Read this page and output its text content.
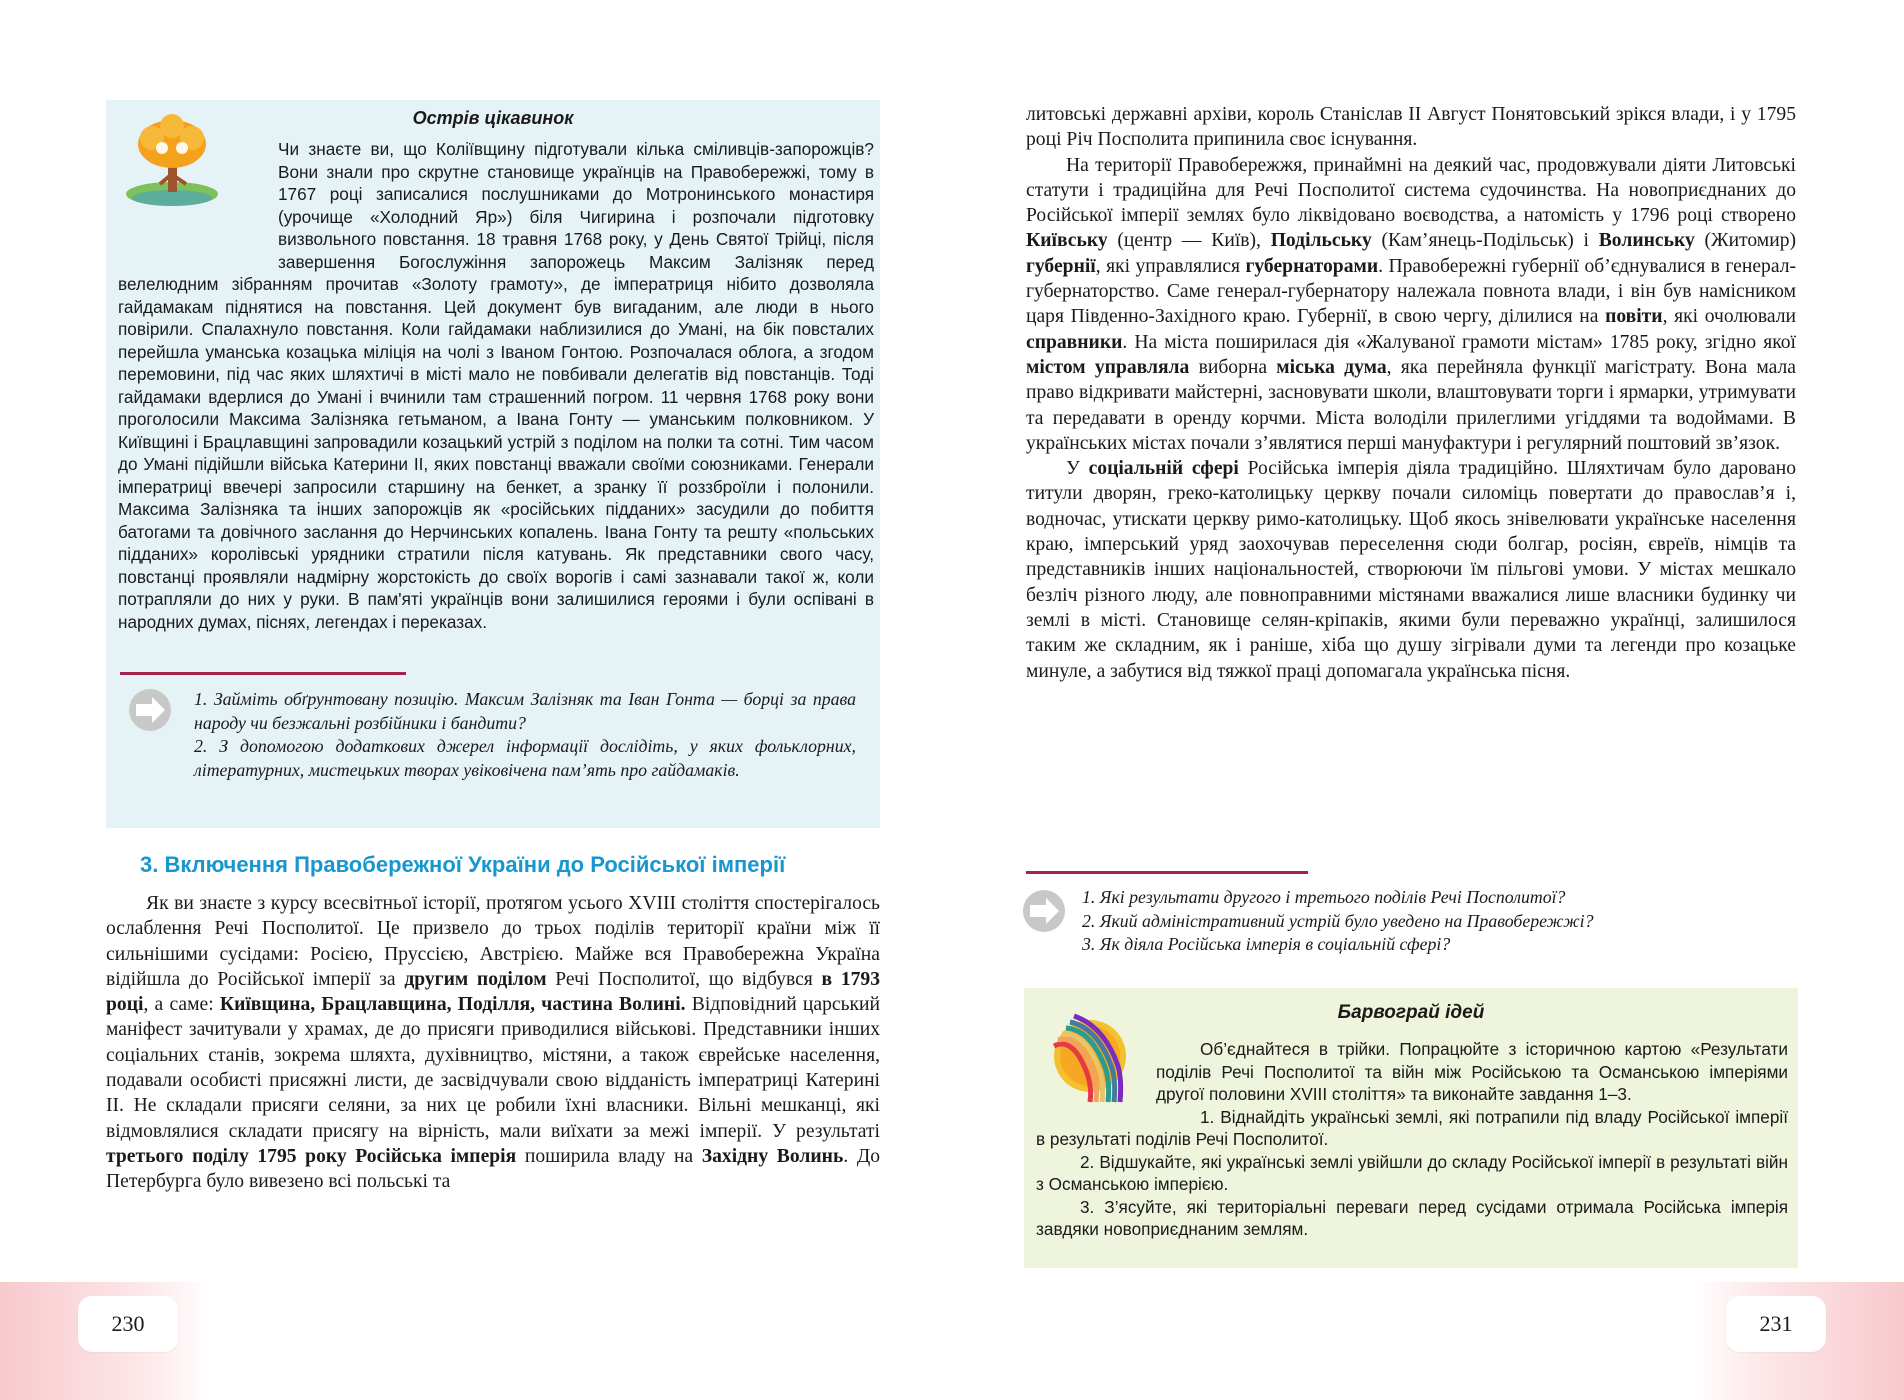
Острів цікавинок

Чи знаєте ви, що Коліївщину підготували кілька сміливців-запорожців? Вони знали про скрутне становище українців на Правобережжі, тому в 1767 році записалися послушниками до Мотронинського монастиря (урочище «Холодний Яр») біля Чигирина і розпочали підготовку визвольного повстання. 18 травня 1768 року, у День Святої Трійці, після завершення Богослужіння запорожець Максим Залізняк перед велелюдним зібранням прочитав «Золоту грамоту», де імператриця нібито дозволяла гайдамакам піднятися на повстання. Цей документ був вигаданим, але люди в нього повірили. Спалахнуло повстання. Коли гайдамаки наблизилися до Умані, на бік повсталих перейшла уманська козацька міліція на чолі з Іваном Гонтою. Розпочалася облога, а згодом перемовини, під час яких шляхтичі в місті мало не повбивали делегатів від повстанців. Тоді гайдамаки вдерлися до Умані і вчинили там страшенний погром. 11 червня 1768 року вони проголосили Максима Залізняка гетьманом, а Івана Гонту — уманським полковником. У Київщині і Брацлавщині запровадили козацький устрій з поділом на полки та сотні. Тим часом до Умані підійшли війська Катерини II, яких повстанці вважали своїми союзниками. Генерали імператриці ввечері запросили старшину на бенкет, а зранку її роззброїли і полонили. Максима Залізняка та інших запорожців як «російських підданих» засудили до побиття батогами та довічного заслання до Нерчинських копалень. Івана Гонту та решту «польських підданих» королівські урядники стратили після катувань. Як представники свого часу, повстанці проявляли надмірну жорстокість до своїх ворогів і самі зазнавали такої ж, коли потрапляли до них у руки. В пам'яті українців вони залишилися героями і були оспівані в народних думах, піснях, легендах і переказах.

1. Займіть обґрунтовану позицію. Максим Залізняк та Іван Гонта — борці за права народу чи безжальні розбійники і бандити?
2. З допомогою додаткових джерел інформації дослідіть, у яких фольклорних, літературних, мистецьких творах увіковічена пам’ять про гайдамаків.
3. Включення Правобережної України до Російської імперії

Як ви знаєте з курсу всесвітньої історії, протягом усього XVIII століття спостерігалось ослаблення Речі Посполитої. Це призвело до трьох поділів території країни між її сильнішими сусідами: Росією, Пруссією, Австрією. Майже вся Правобережна Україна відійшла до Російської імперії за другим поділом Речі Посполитої, що відбувся в 1793 році, а саме: Київщина, Брацлавщина, Поділля, частина Волині. Відповідний царський маніфест зачитували у храмах, де до присяги приводилися військові. Представники інших соціальних станів, зокрема шляхта, духівництво, містяни, а також єврейське населення, подавали особисті присяжні листи, де засвідчували свою відданість імператриці Катерині II. Не складали присяги селяни, за них це робили їхні власники. Вільні мешканці, які відмовлялися складати присягу на вірність, мали виїхати за межі імперії. У результаті третього поділу 1795 року Російська імперія поширила владу на Західну Волинь. До Петербурга було вивезено всі польські та

230

литовські державні архіви, король Станіслав II Август Понятовський зрікся влади, і у 1795 році Річ Посполита припинила своє існування.

На території Правобережжя, принаймні на деякий час, продовжували діяти Литовські статути і традиційна для Речі Посполитої система судочинства. На новоприєднаних до Російської імперії землях було ліквідовано воєводства, а натомість у 1796 році створено Київську (центр — Київ), Подільську (Кам’янець-Подільськ) і Волинську (Житомир) губернії, які управлялися губернаторами. Правобережні губернії об’єднувалися в генерал-губернаторство. Саме генерал-губернатору належала повнота влади, і він був намісником царя Південно-Західного краю. Губернії, в свою чергу, ділилися на повіти, які очолювали справники. На міста поширилася дія «Жалуваної грамоти містам» 1785 року, згідно якої містом управляла виборна міська дума, яка перейняла функції магістрату. Вона мала право відкривати майстерні, засновувати школи, влаштовувати торги і ярмарки, утримувати та передавати в оренду корчми. Міста володіли прилеглими угіддями та водоймами. В українських містах почали з’являтися перші мануфактури і регулярний поштовий зв’язок.

У соціальній сфері Російська імперія діяла традиційно. Шляхтичам було даровано титули дворян, греко-католицьку церкву почали силоміць повертати до православ’я і, водночас, утискати церкву римо-католицьку. Щоб якось знівелювати українське населення краю, імперський уряд заохочував переселення сюди болгар, росіян, євреїв, німців та представників інших національностей, створюючи їм пільгові умови. У містах мешкало безліч різного люду, але повноправними містянами вважалися лише власники будинку чи землі в місті. Становище селян-кріпаків, якими були переважно українці, залишилося таким же складним, як і раніше, хіба що душу зігрівали думи та легенди про козацьке минуле, а забутися від тяжкої праці допомагала українська пісня.

1. Які результати другого і третього поділів Речі Посполитої?
2. Який адміністративний устрій було уведено на Правобережжі?
3. Як діяла Російська імперія в соціальній сфері?
Барвограй ідей

Об’єднайтеся в трійки. Попрацюйте з історичною картою «Результати поділів Речі Посполитої та війн між Російською та Османською імперіями другої половини XVIII століття» та виконайте завдання 1–3.

1. Віднайдіть українські землі, які потрапили під владу Російської імперії в результаті поділів Речі Посполитої.

2. Відшукайте, які українські землі увійшли до складу Російської імперії в результаті війн з Османською імперією.

3. З’ясуйте, які територіальні переваги перед сусідами отримала Російська імперія завдяки новоприєднаним землям.

231
